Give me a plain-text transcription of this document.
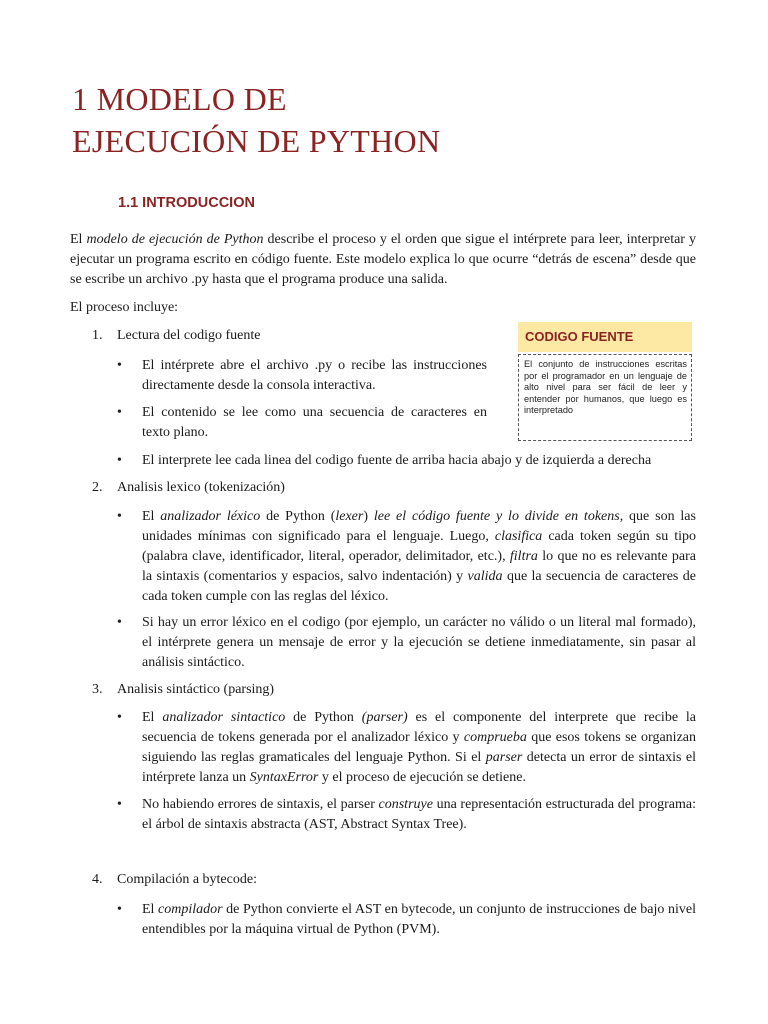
1 MODELO DE
EJECUCIÓN DE PYTHON
1.1 INTRODUCCION

El modelo de ejecución de Python describe el proceso y el orden que sigue el intérprete para leer, interpretar y ejecutar un programa escrito en código fuente. Este modelo explica lo que ocurre “detrás de escena” desde que se escribe un archivo .py hasta que el programa produce una salida.

El proceso incluye:

CODIGO FUENTE
El conjunto de instrucciones escritas por el programador en un lenguaje de alto nivel para ser fácil de leer y entender por humanos, que luego es interpretado
1. Lectura del codigo fuente
• El intérprete abre el archivo .py o recibe las instrucciones directamente desde la consola interactiva.

• El contenido se lee como una secuencia de caracteres en texto plano.

• El interprete lee cada linea del codigo fuente de arriba hacia abajo y de izquierda a derecha

2. Analisis lexico (tokenización)
• El analizador léxico de Python (lexer) lee el código fuente y lo divide en tokens, que son las unidades mínimas con significado para el lenguaje. Luego, clasifica cada token según su tipo (palabra clave, identificador, literal, operador, delimitador, etc.), filtra lo que no es relevante para la sintaxis (comentarios y espacios, salvo indentación) y valida que la secuencia de caracteres de cada token cumple con las reglas del léxico.

• Si hay un error léxico en el codigo (por ejemplo, un carácter no válido o un literal mal formado), el intérprete genera un mensaje de error y la ejecución se detiene inmediatamente, sin pasar al análisis sintáctico.

3. Analisis sintáctico (parsing)
• El analizador sintactico de Python (parser) es el componente del interprete que recibe la secuencia de tokens generada por el analizador léxico y comprueba que esos tokens se organizan siguiendo las reglas gramaticales del lenguaje Python. Si el parser detecta un error de sintaxis el intérprete lanza un SyntaxError y el proceso de ejecución se detiene.

• No habiendo errores de sintaxis, el parser construye una representación estructurada del programa: el árbol de sintaxis abstracta (AST, Abstract Syntax Tree).

4. Compilación a bytecode:
• El compilador de Python convierte el AST en bytecode, un conjunto de instrucciones de bajo nivel entendibles por la máquina virtual de Python (PVM).
